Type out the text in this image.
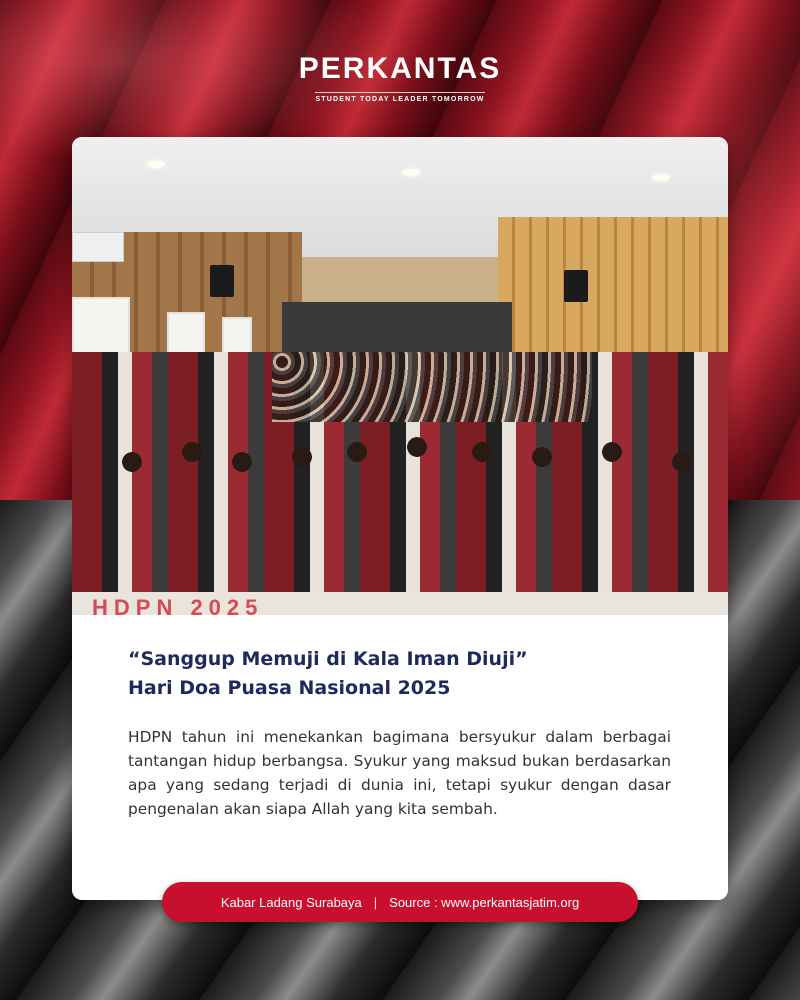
PERKANTAS
STUDENT TODAY LEADER TOMORROW
HDPN 2025
“Sanggup Memuji di Kala Iman Diuji”
Hari Doa Puasa Nasional 2025
HDPN tahun ini menekankan bagimana bersyukur dalam berbagai tantangan hidup berbangsa. Syukur yang maksud bukan berdasarkan apa yang sedang terjadi di dunia ini, tetapi syukur dengan dasar pengenalan akan siapa Allah yang kita sembah.
Kabar Ladang Surabaya | Source : www.perkantasjatim.org
